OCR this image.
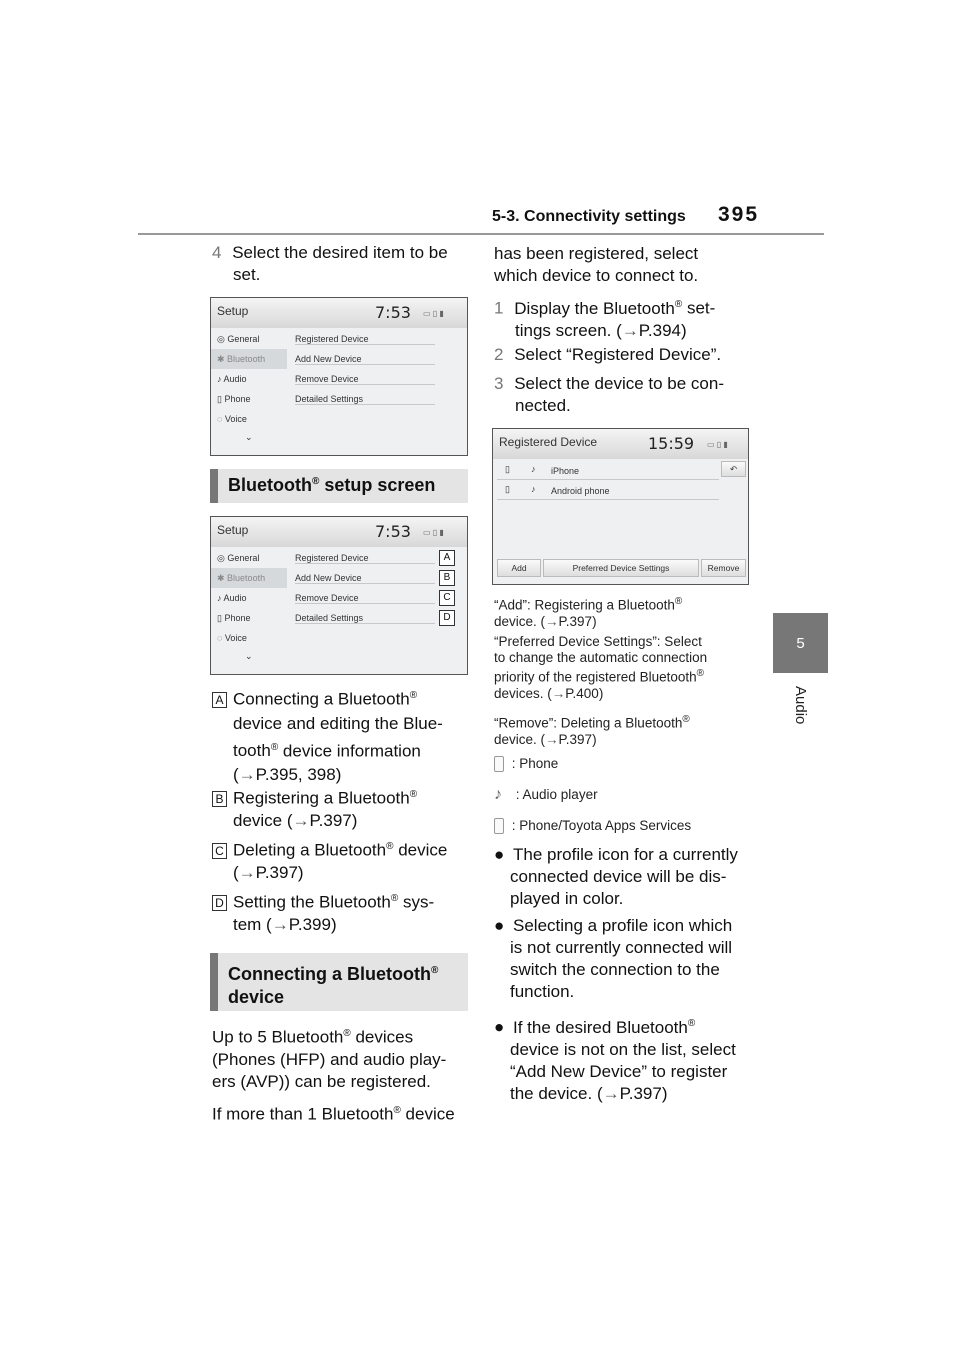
5-3. Connectivity settings 395
5
Audio
4 Select the desired item to be
set.
Setup	7:53 ▭ ▯ ▮
◎ General
✱ Bluetooth
♪ Audio
▯ Phone
◌ Voice
⌄
Registered Device
Add New Device
Remove Device
Detailed Settings
Bluetooth® setup screen
Setup	7:53 ▭ ▯ ▮
◎ General
✱ Bluetooth
♪ Audio
▯ Phone
◌ Voice
⌄
Registered Device
Add New Device
Remove Device
Detailed Settings
A
B
C
D
A Connecting a Bluetooth®
device and editing the Blue-
tooth® device information
(→P.395, 398)
B Registering a Bluetooth®
device (→P.397)
C Deleting a Bluetooth® device
(→P.397)
D Setting the Bluetooth® sys-
tem (→P.399)
Connecting a Bluetooth®
device
Up to 5 Bluetooth® devices
(Phones (HFP) and audio play-
ers (AVP)) can be registered.
If more than 1 Bluetooth® device
has been registered, select
which device to connect to.
1 Display the Bluetooth® set-
tings screen. (→P.394)
2 Select “Registered Device”.
3 Select the device to be con-
nected.
Registered Device	15:59 ▭ ▯ ▮
▯ ♪ iPhone
▯ ♪ Android phone
↶
Add	Preferred Device Settings	Remove
“Add”: Registering a Bluetooth®
device. (→P.397)
“Preferred Device Settings”: Select
to change the automatic connection
priority of the registered Bluetooth®
devices. (→P.400)
“Remove”: Deleting a Bluetooth®
device. (→P.397)
: Phone
♪ : Audio player
: Phone/Toyota Apps Services
● The profile icon for a currently
connected device will be dis-
played in color.
● Selecting a profile icon which
is not currently connected will
switch the connection to the
function.
● If the desired Bluetooth®
device is not on the list, select
“Add New Device” to register
the device. (→P.397)
